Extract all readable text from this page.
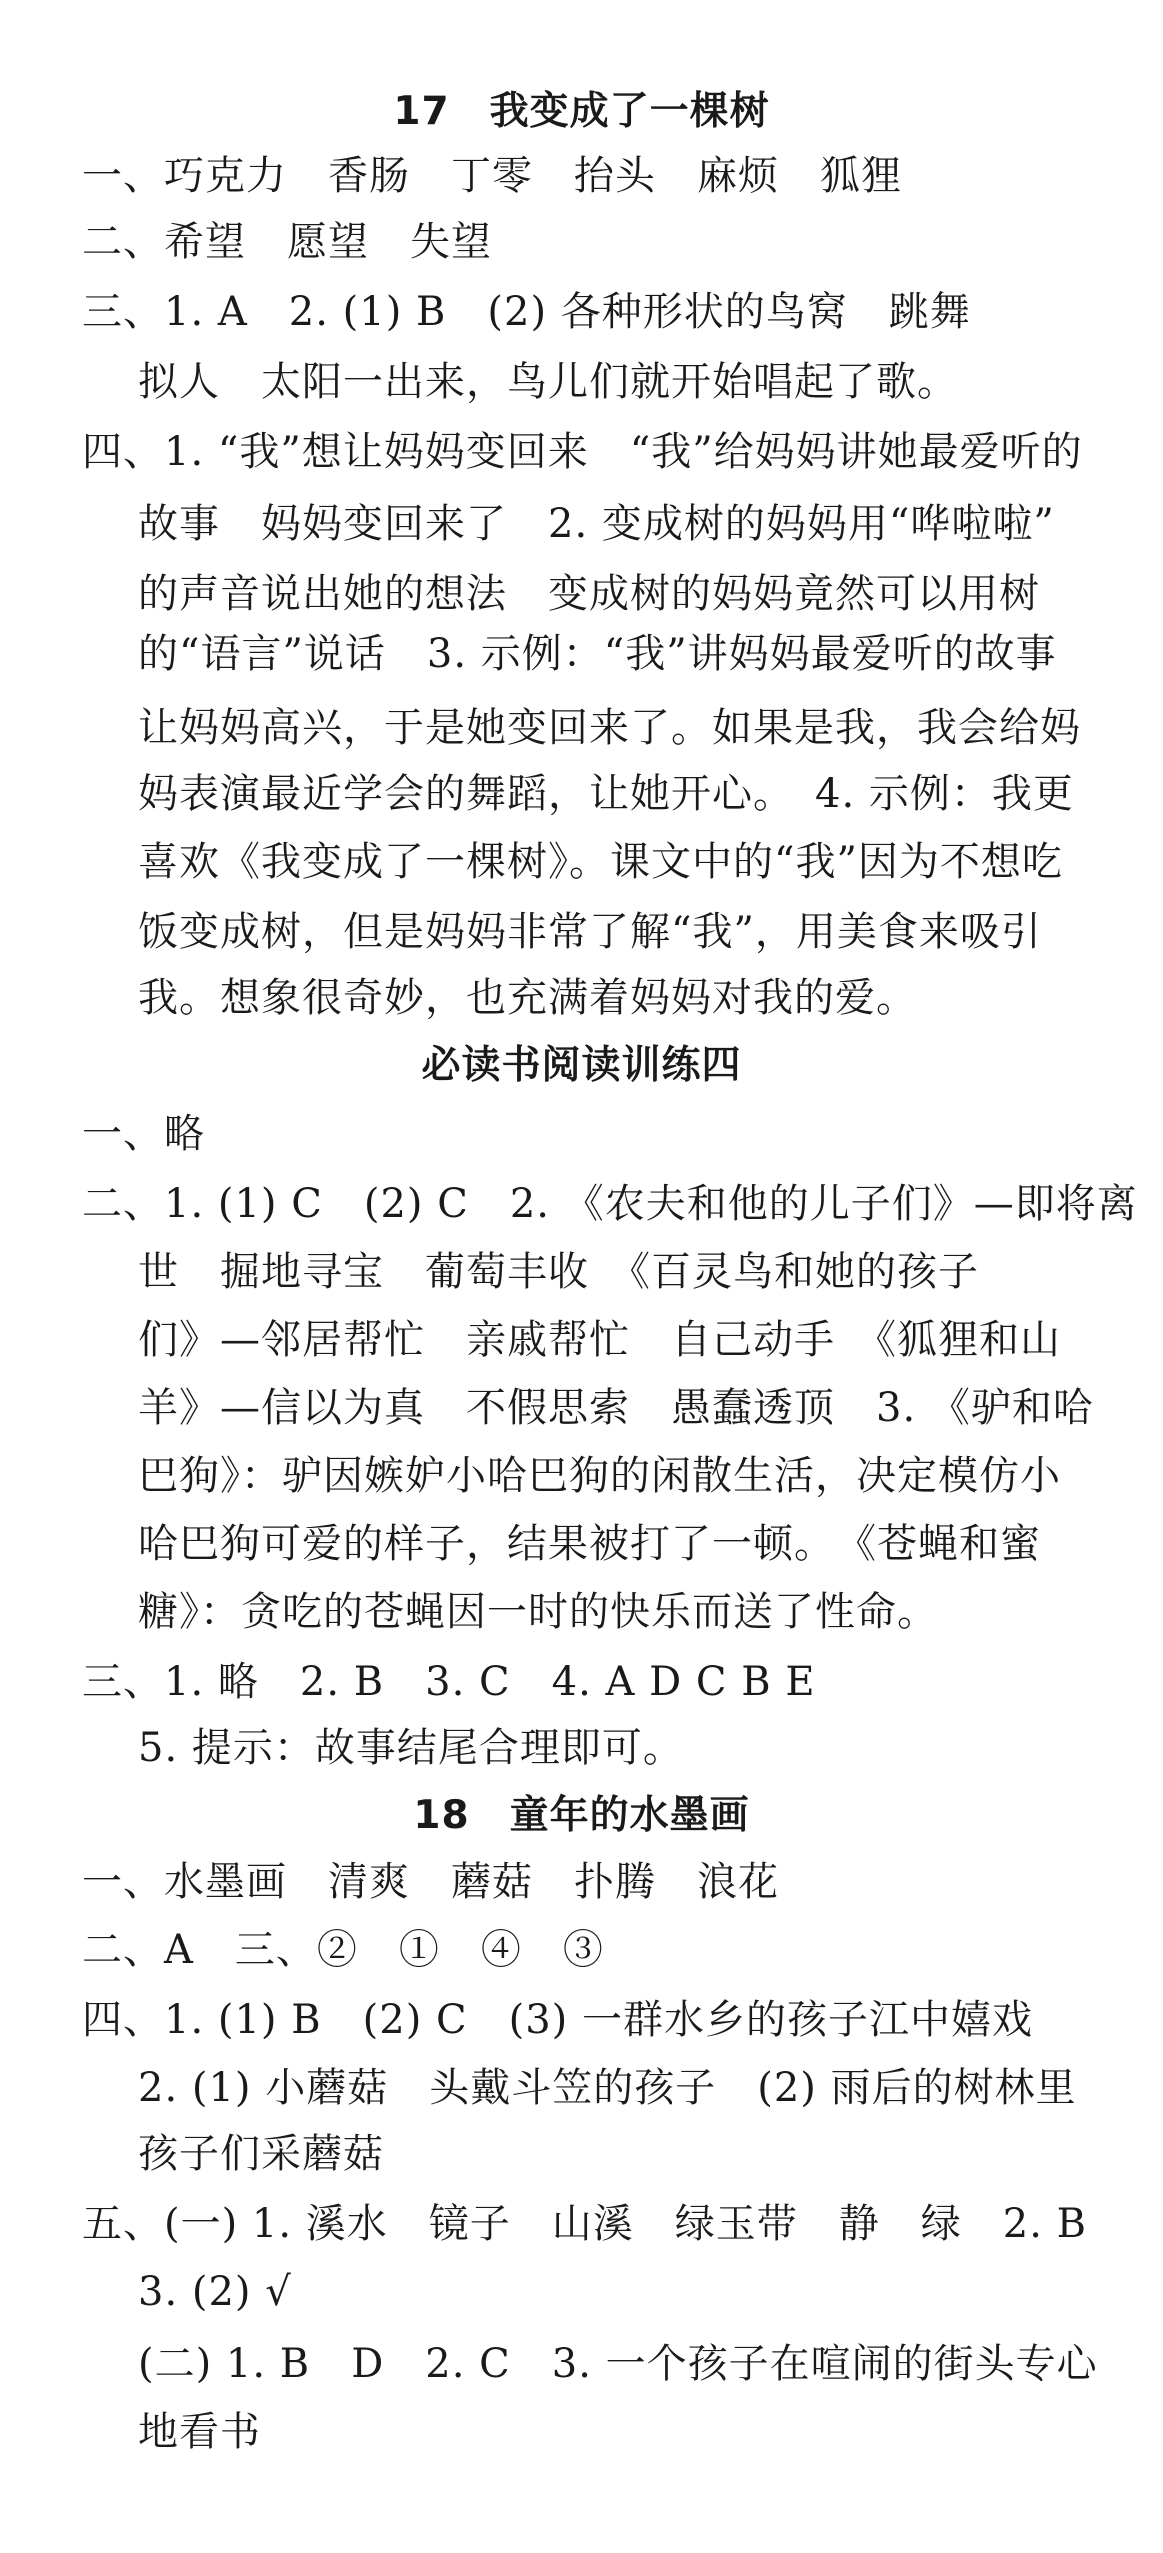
17　我变成了一棵树
一、巧克力　香肠　丁零　抬头　麻烦　狐狸
二、希望　愿望　失望
三、1. A　2. (1) B　(2) 各种形状的鸟窝　跳舞
拟人　太阳一出来，鸟儿们就开始唱起了歌。
四、1. “我”想让妈妈变回来　“我”给妈妈讲她最爱听的
故事　妈妈变回来了　2. 变成树的妈妈用“哗啦啦”
的声音说出她的想法　变成树的妈妈竟然可以用树
的“语言”说话　3. 示例：“我”讲妈妈最爱听的故事
让妈妈高兴，于是她变回来了。如果是我，我会给妈
妈表演最近学会的舞蹈，让她开心。　4. 示例：我更
喜欢《我变成了一棵树》。课文中的“我”因为不想吃
饭变成树，但是妈妈非常了解“我”，用美食来吸引
我。想象很奇妙，也充满着妈妈对我的爱。
必读书阅读训练四
一、略
二、1. (1) C　(2) C　2. 《农夫和他的儿子们》—即将离
世　掘地寻宝　葡萄丰收　《百灵鸟和她的孩子
们》—邻居帮忙　亲戚帮忙　自己动手　《狐狸和山
羊》—信以为真　不假思索　愚蠢透顶　3. 《驴和哈
巴狗》：驴因嫉妒小哈巴狗的闲散生活，决定模仿小
哈巴狗可爱的样子，结果被打了一顿。　《苍蝇和蜜
糖》：贪吃的苍蝇因一时的快乐而送了性命。
三、1. 略　2. B　3. C　4. A D C B E
5. 提示：故事结尾合理即可。
18　童年的水墨画
一、水墨画　清爽　蘑菇　扑腾　浪花
二、A　三、②　①　④　③
四、1. (1) B　(2) C　(3) 一群水乡的孩子江中嬉戏
2. (1) 小蘑菇　头戴斗笠的孩子　(2) 雨后的树林里
孩子们采蘑菇
五、(一) 1. 溪水　镜子　山溪　绿玉带　静　绿　2. B
3. (2) √
(二) 1. B　D　2. C　3. 一个孩子在喧闹的街头专心
地看书
